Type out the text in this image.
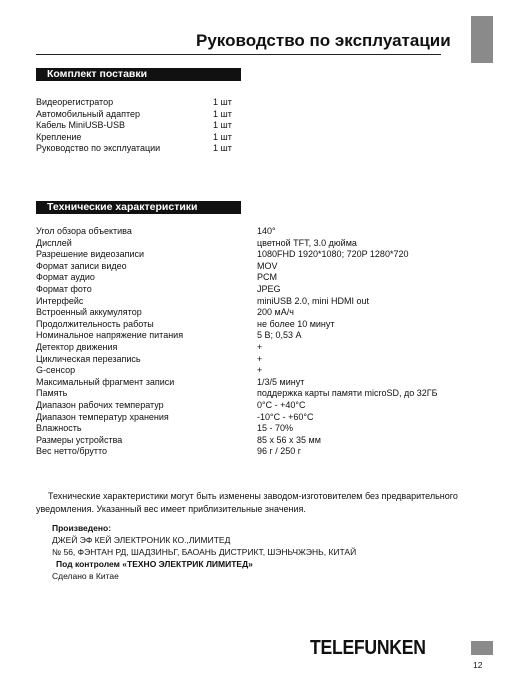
Руководство по эксплуатации
Комплект поставки
Видеорегистратор	1 шт
Автомобильный адаптер	1 шт
Кабель MiniUSB-USB	1 шт
Крепление	1 шт
Руководство по эксплуатации	1 шт
Технические характеристики
Угол обзора объектива	140°
Дисплей	цветной TFT, 3.0 дюйма
Разрешение видеозаписи	1080FHD 1920*1080; 720P 1280*720
Формат записи видео	MOV
Формат аудио	PCM
Формат фото	JPEG
Интерфейс	miniUSB 2.0, mini HDMI out
Встроенный аккумулятор	200 мА/ч
Продолжительность работы	не более 10 минут
Номинальное напряжение питания	5 В; 0,53 А
Детектор движения	+
Циклическая перезапись	+
G-сенсор	+
Максимальный фрагмент записи	1/3/5 минут
Память	поддержка карты памяти microSD, до 32ГБ
Диапазон рабочих температур	0°C - +40°C
Диапазон температур хранения	-10°C - +60°C
Влажность	15 - 70%
Размеры устройства	85 х 56 х 35 мм
Вес нетто/брутто	96 г / 250 г
Технические характеристики могут быть изменены заводом-изготовителем без предварительного уведомления. Указанный вес имеет приблизительные значения.
Произведено:
ДЖЕЙ ЭФ КЕЙ ЭЛЕКТРОНИК КО.,ЛИМИТЕД
№ 56, ФЭНТАН РД, ШАДЗИНЬГ, БАОАНЬ ДИСТРИКТ, ШЭНЬЧЖЭНЬ, КИТАЙ
Под контролем «ТЕХНО ЭЛЕКТРИК ЛИМИТЕД»
Сделано в Китае
TELEFUNKEN
12
